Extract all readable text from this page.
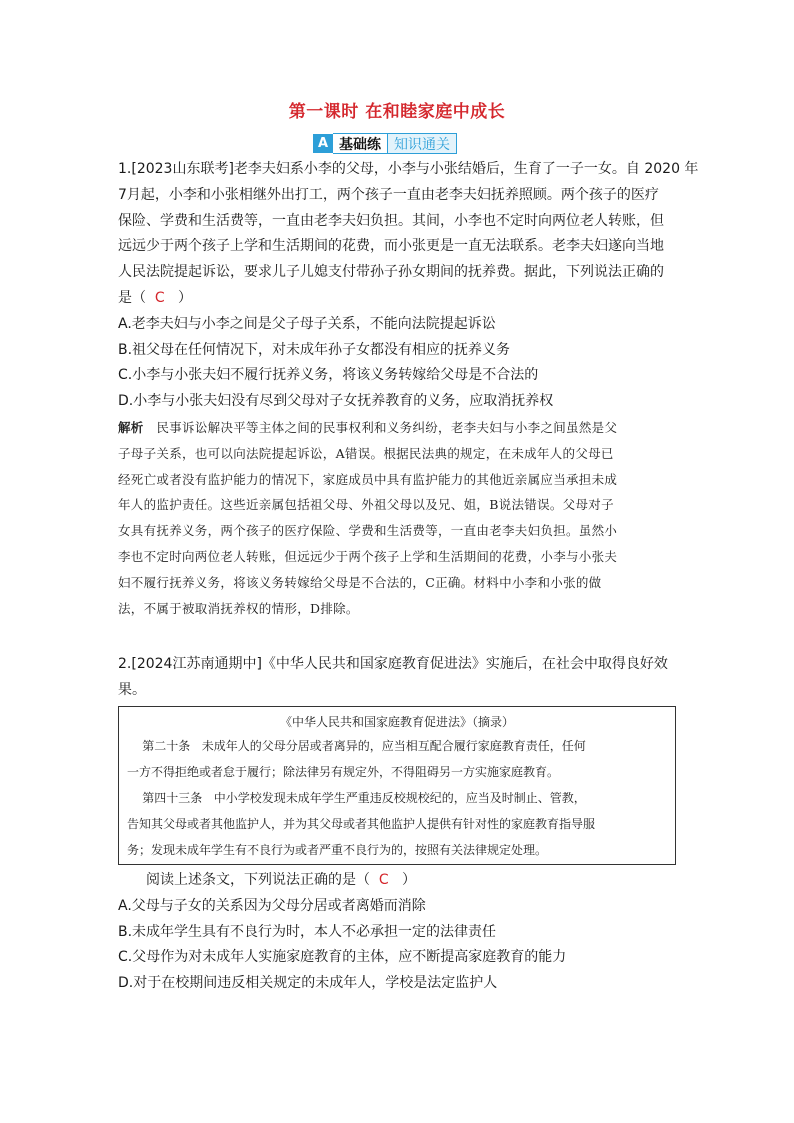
第一课时 在和睦家庭中成长
A 基础练 知识通关
1.[2023山东联考]老李夫妇系小李的父母，小李与小张结婚后，生育了一子一女。自 2020 年
7月起，小李和小张相继外出打工，两个孩子一直由老李夫妇抚养照顾。两个孩子的医疗
保险、学费和生活费等，一直由老李夫妇负担。其间，小李也不定时向两位老人转账，但
远远少于两个孩子上学和生活期间的花费，而小张更是一直无法联系。老李夫妇遂向当地
人民法院提起诉讼，要求儿子儿媳支付带孙子孙女期间的抚养费。据此，下列说法正确的
是（ C ）
A.老李夫妇与小李之间是父子母子关系，不能向法院提起诉讼
B.祖父母在任何情况下，对未成年孙子女都没有相应的抚养义务
C.小李与小张夫妇不履行抚养义务，将该义务转嫁给父母是不合法的
D.小李与小张夫妇没有尽到父母对子女抚养教育的义务，应取消抚养权
解析 民事诉讼解决平等主体之间的民事权利和义务纠纷，老李夫妇与小李之间虽然是父
子母子关系，也可以向法院提起诉讼，A错误。根据民法典的规定，在未成年人的父母已
经死亡或者没有监护能力的情况下，家庭成员中具有监护能力的其他近亲属应当承担未成
年人的监护责任。这些近亲属包括祖父母、外祖父母以及兄、姐，B说法错误。父母对子
女具有抚养义务，两个孩子的医疗保险、学费和生活费等，一直由老李夫妇负担。虽然小
李也不定时向两位老人转账，但远远少于两个孩子上学和生活期间的花费，小李与小张夫
妇不履行抚养义务，将该义务转嫁给父母是不合法的，C正确。材料中小李和小张的做
法，不属于被取消抚养权的情形，D排除。
2.[2024江苏南通期中]《中华人民共和国家庭教育促进法》实施后，在社会中取得良好效
果。
《中华人民共和国家庭教育促进法》（摘录）
第二十条   未成年人的父母分居或者离异的，应当相互配合履行家庭教育责任，任何
一方不得拒绝或者怠于履行；除法律另有规定外，不得阻碍另一方实施家庭教育。
第四十三条   中小学校发现未成年学生严重违反校规校纪的，应当及时制止、管教，
告知其父母或者其他监护人，并为其父母或者其他监护人提供有针对性的家庭教育指导服
务；发现未成年学生有不良行为或者严重不良行为的，按照有关法律规定处理。
阅读上述条文，下列说法正确的是（ C ）
A.父母与子女的关系因为父母分居或者离婚而消除
B.未成年学生具有不良行为时，本人不必承担一定的法律责任
C.父母作为对未成年人实施家庭教育的主体，应不断提高家庭教育的能力
D.对于在校期间违反相关规定的未成年人，学校是法定监护人
